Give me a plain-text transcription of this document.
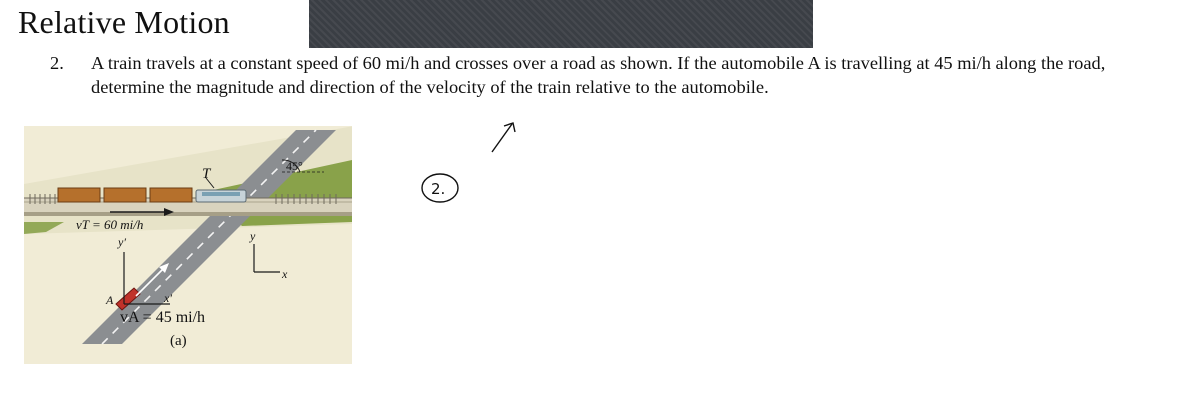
Relative Motion
2. A train travels at a constant speed of 60 mi/h and crosses over a road as shown. If the automobile A is travelling at 45 mi/h along the road, determine the magnitude and direction of the velocity of the train relative to the automobile.
T	45°
vT = 60 mi/h
y′
x′
A
y
x
vA = 45 mi/h
(a)
2.
